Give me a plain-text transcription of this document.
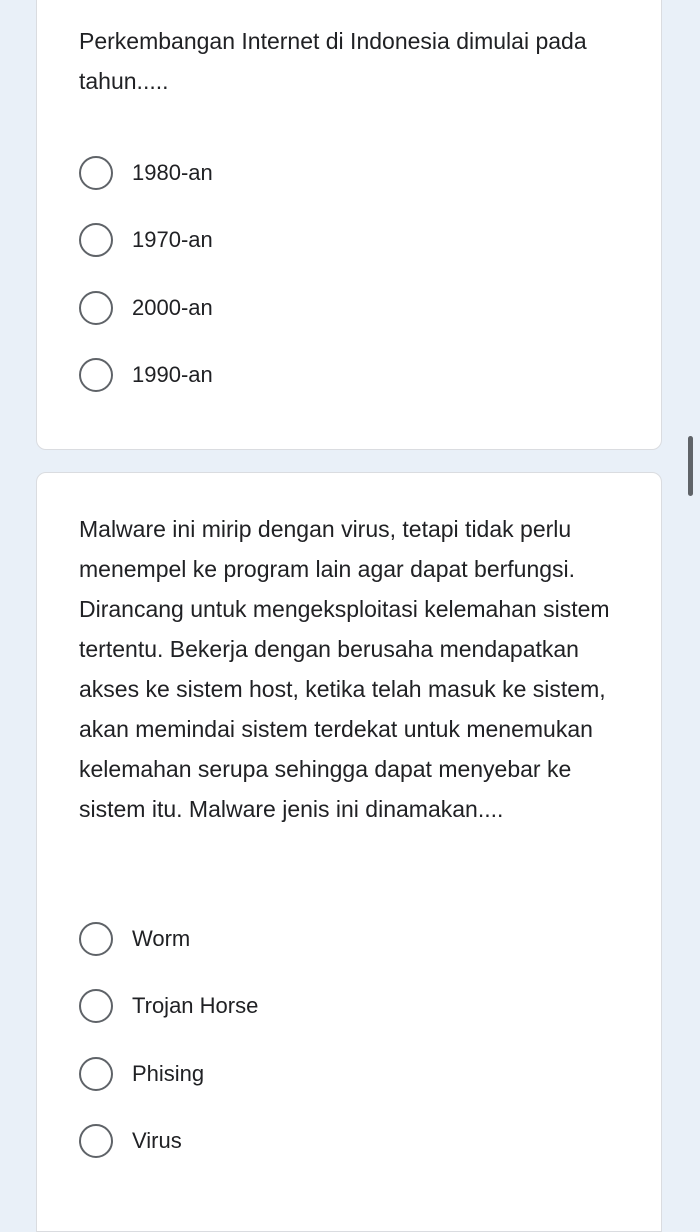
Perkembangan Internet di Indonesia dimulai pada tahun.....

1980-an
1970-an
2000-an
1990-an

Malware ini mirip dengan virus, tetapi tidak perlu menempel ke program lain agar dapat berfungsi. Dirancang untuk mengeksploitasi kelemahan sistem tertentu. Bekerja dengan berusaha mendapatkan akses ke sistem host, ketika telah masuk ke sistem, akan memindai sistem terdekat untuk menemukan kelemahan serupa sehingga dapat menyebar ke sistem itu. Malware jenis ini dinamakan....

Worm
Trojan Horse
Phising
Virus
